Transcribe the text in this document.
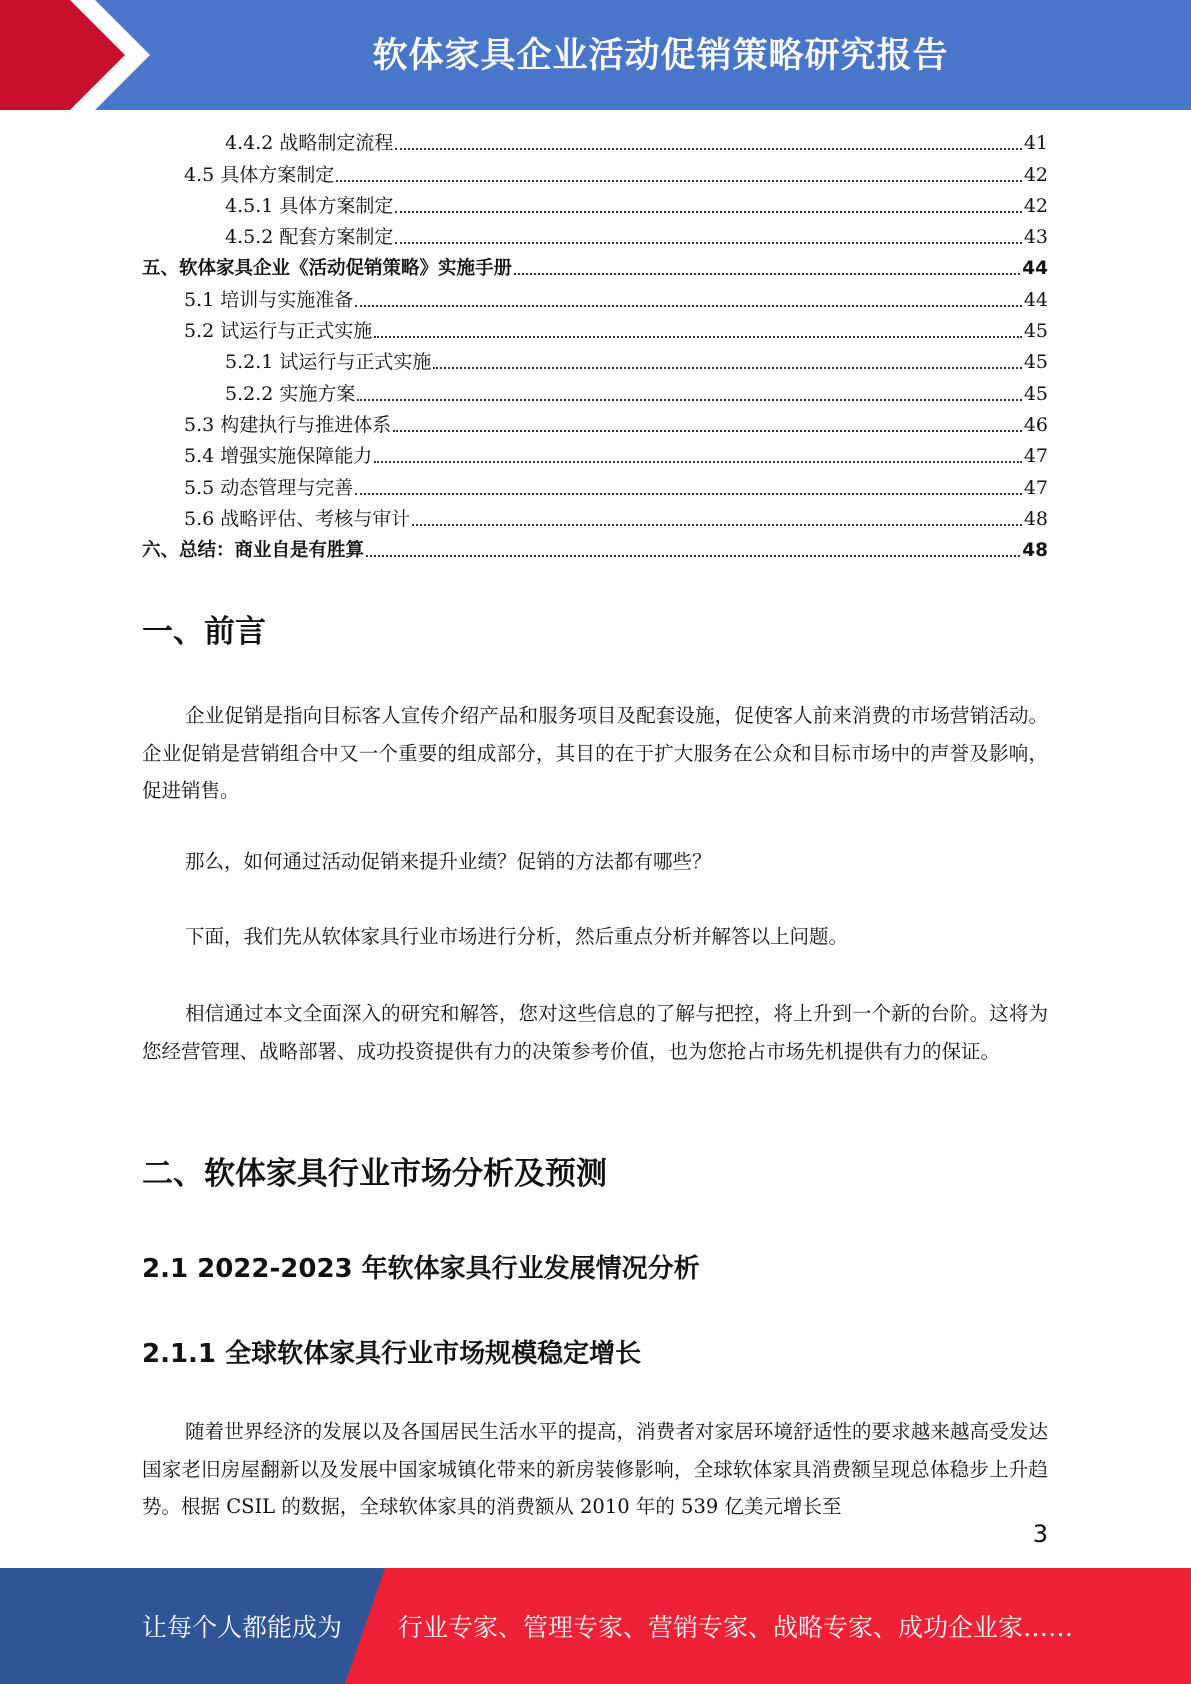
软体家具企业活动促销策略研究报告
4.4.2 战略制定流程	41
4.5 具体方案制定	42
4.5.1 具体方案制定	42
4.5.2 配套方案制定	43
五、软体家具企业《活动促销策略》实施手册	44
5.1 培训与实施准备	44
5.2 试运行与正式实施	45
5.2.1 试运行与正式实施	45
5.2.2 实施方案	45
5.3 构建执行与推进体系	46
5.4 增强实施保障能力	47
5.5 动态管理与完善	47
5.6 战略评估、考核与审计	48
六、总结：商业自是有胜算	48
一、前言

企业促销是指向目标客人宣传介绍产品和服务项目及配套设施，促使客人前来消费的市场营销活动。企业促销是营销组合中又一个重要的组成部分，其目的在于扩大服务在公众和目标市场中的声誉及影响，促进销售。

那么，如何通过活动促销来提升业绩？促销的方法都有哪些？

下面，我们先从软体家具行业市场进行分析，然后重点分析并解答以上问题。

相信通过本文全面深入的研究和解答，您对这些信息的了解与把控，将上升到一个新的台阶。这将为您经营管理、战略部署、成功投资提供有力的决策参考价值，也为您抢占市场先机提供有力的保证。

二、软体家具行业市场分析及预测
2.1 2022-2023 年软体家具行业发展情况分析
2.1.1 全球软体家具行业市场规模稳定增长

随着世界经济的发展以及各国居民生活水平的提高，消费者对家居环境舒适性的要求越来越高受发达国家老旧房屋翻新以及发展中国家城镇化带来的新房装修影响，全球软体家具消费额呈现总体稳步上升趋势。根据 CSIL 的数据，全球软体家具的消费额从 2010 年的 539 亿美元增长至

3
让每个人都能成为 行业专家、管理专家、营销专家、战略专家、成功企业家……
